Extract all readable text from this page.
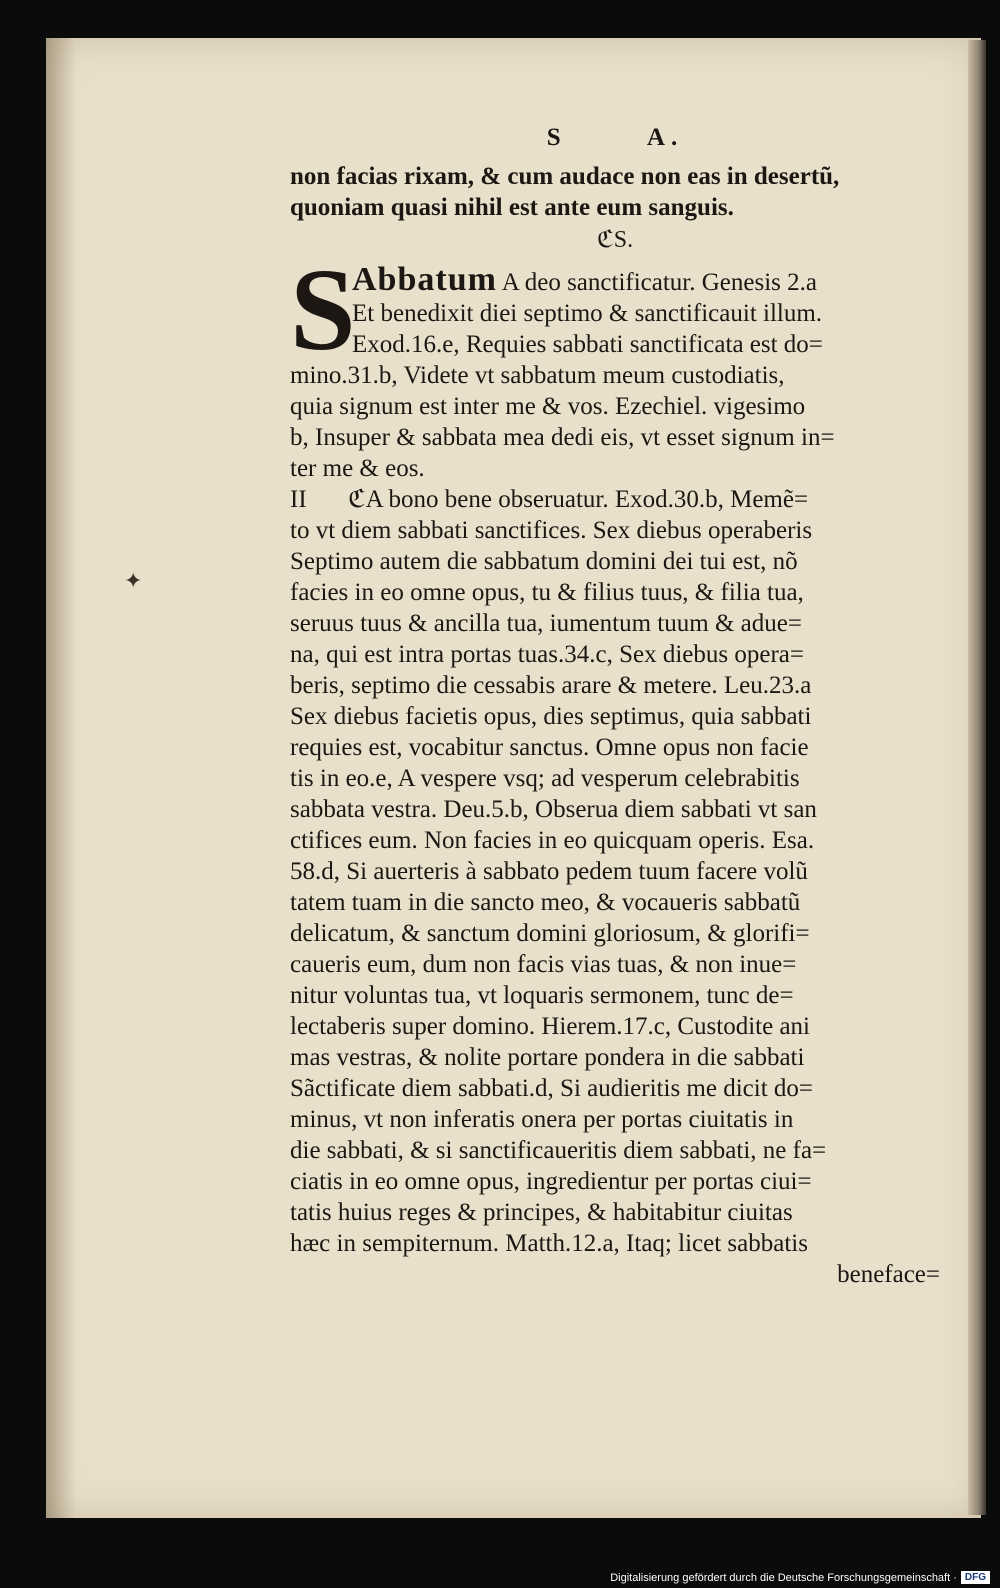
✦
S	A.
non facias rixam, & cum audace non eas in desertũ,
quoniam quasi nihil est ante eum sanguis.
ℭS.
S
Abbatum A deo sanctificatur. Genesis 2.a
Et benedixit diei septimo & sanctificauit illum.
Exod.16.e, Requies sabbati sanctificata est do=
mino.31.b, Videte vt sabbatum meum custodiatis,
quia signum est inter me & vos. Ezechiel. vigesimo
b, Insuper & sabbata mea dedi eis, vt esset signum in=
ter me & eos.
II ℭA bono bene obseruatur. Exod.30.b, Memẽ=
to vt diem sabbati sanctifices. Sex diebus operaberis
Septimo autem die sabbatum domini dei tui est, nõ
facies in eo omne opus, tu & filius tuus, & filia tua,
seruus tuus & ancilla tua, iumentum tuum & adue=
na, qui est intra portas tuas.34.c, Sex diebus opera=
beris, septimo die cessabis arare & metere. Leu.23.a
Sex diebus facietis opus, dies septimus, quia sabbati
requies est, vocabitur sanctus. Omne opus non facie
tis in eo.e, A vespere vsq; ad vesperum celebrabitis
sabbata vestra. Deu.5.b, Obserua diem sabbati vt san
ctifices eum. Non facies in eo quicquam operis. Esa.
58.d, Si auerteris à sabbato pedem tuum facere volũ
tatem tuam in die sancto meo, & vocaueris sabbatũ
delicatum, & sanctum domini gloriosum, & glorifi=
caueris eum, dum non facis vias tuas, & non inue=
nitur voluntas tua, vt loquaris sermonem, tunc de=
lectaberis super domino. Hierem.17.c, Custodite ani
mas vestras, & nolite portare pondera in die sabbati
Sãctificate diem sabbati.d, Si audieritis me dicit do=
minus, vt non inferatis onera per portas ciuitatis in
die sabbati, & si sanctificaueritis diem sabbati, ne fa=
ciatis in eo omne opus, ingredientur per portas ciui=
tatis huius reges & principes, & habitabitur ciuitas
hæc in sempiternum. Matth.12.a, Itaq; licet sabbatis
beneface=
Digitalisierung gefördert durch die Deutsche Forschungsgemeinschaft · DFG
